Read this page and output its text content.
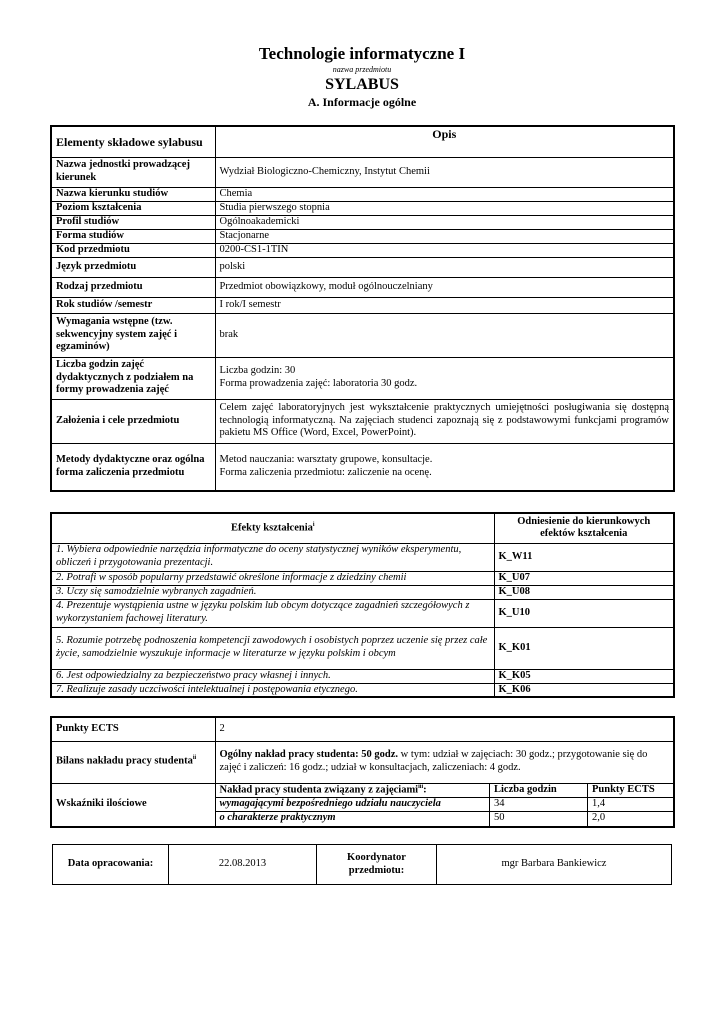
Technologie informatyczne I
nazwa przedmiotu
SYLABUS
A. Informacje ogólne
Elementy składowe sylabusu	Opis
Nazwa jednostki prowadzącej kierunek	Wydział Biologiczno-Chemiczny, Instytut Chemii
Nazwa kierunku studiów	Chemia
Poziom kształcenia	Studia pierwszego stopnia
Profil studiów	Ogólnoakademicki
Forma studiów	Stacjonarne
Kod przedmiotu	0200-CS1-1TIN
Język przedmiotu	polski
Rodzaj przedmiotu	Przedmiot obowiązkowy, moduł ogólnouczelniany
Rok studiów /semestr	I rok/I semestr
Wymagania wstępne (tzw. sekwencyjny system zajęć i egzaminów)	brak
Liczba godzin zajęć dydaktycznych z podziałem na formy prowadzenia zajęć	Liczba godzin: 30
Forma prowadzenia zajęć: laboratoria 30 godz.

Założenia i cele przedmiotu	Celem zajęć laboratoryjnych jest wykształcenie praktycznych umiejętności posługiwania się dostępną technologią informatyczną. Na zajęciach studenci zapoznają się z podstawowymi funkcjami programów pakietu MS Office (Word, Excel, PowerPoint).
Metody dydaktyczne oraz ogólna forma zaliczenia przedmiotu	Metod nauczania: warsztaty grupowe, konsultacje.
Forma zaliczenia przedmiotu: zaliczenie na ocenę.
Efekty kształcenia$^i$	Odniesienie do kierunkowych efektów kształcenia
1. Wybiera odpowiednie narzędzia informatyczne do oceny statystycznej wyników eksperymentu, obliczeń i przygotowania prezentacji.	K_W11
2. Potrafi w sposób popularny przedstawić określone informacje z dziedziny chemii	K_U07
3. Uczy się samodzielnie wybranych zagadnień.	K_U08
4. Prezentuje wystąpienia ustne w języku polskim lub obcym dotyczące zagadnień szczegółowych z wykorzystaniem fachowej literatury.	K_U10
5. Rozumie potrzebę podnoszenia kompetencji zawodowych i osobistych poprzez uczenie się przez całe życie, samodzielnie wyszukuje informacje w literaturze w języku polskim i obcym	K_K01
6. Jest odpowiedzialny za bezpieczeństwo pracy własnej i innych.	K_K05
7. Realizuje zasady uczciwości intelektualnej i postępowania etycznego.	K_K06
Punkty ECTS	2
Bilans nakładu pracy studenta$^{ii}$	Ogólny nakład pracy studenta: 50 godz. w tym: udział w zajęciach: 30 godz.; przygotowanie się do zajęć i zaliczeń: 16 godz.; udział w konsultacjach, zaliczeniach: 4 godz.
Wskaźniki ilościowe	
Nakład pracy studenta związany z zajęciami$^{iii}$:	Liczba godzin	Punkty ECTS
wymagającymi bezpośredniego udziału nauczyciela	34	1,4
o charakterze praktycznym	50	2,0
Data opracowania:	22.08.2013	Koordynator przedmiotu:	mgr Barbara Bankiewicz
